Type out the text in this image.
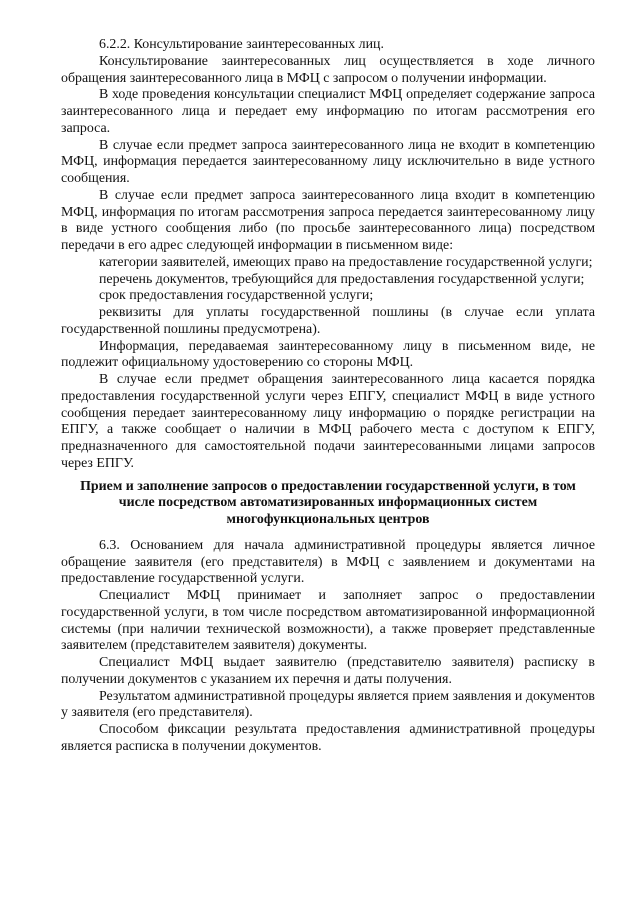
6.2.2. Консультирование заинтересованных лиц.

Консультирование заинтересованных лиц осуществляется в ходе личного обращения заинтересованного лица в МФЦ с запросом о получении информации.

В ходе проведения консультации специалист МФЦ определяет содержание запроса заинтересованного лица и передает ему информацию по итогам рассмотрения его запроса.

В случае если предмет запроса заинтересованного лица не входит в компетенцию МФЦ, информация передается заинтересованному лицу исключительно в виде устного сообщения.

В случае если предмет запроса заинтересованного лица входит в компетенцию МФЦ, информация по итогам рассмотрения запроса передается заинтересованному лицу в виде устного сообщения либо (по просьбе заинтересованного лица) посредством передачи в его адрес следующей информации в письменном виде:

категории заявителей, имеющих право на предоставление государственной услуги;

перечень документов, требующийся для предоставления государственной услуги;

срок предоставления государственной услуги;

реквизиты для уплаты государственной пошлины (в случае если уплата государственной пошлины предусмотрена).

Информация, передаваемая заинтересованному лицу в письменном виде, не подлежит официальному удостоверению со стороны МФЦ.

В случае если предмет обращения заинтересованного лица касается порядка предоставления государственной услуги через ЕПГУ, специалист МФЦ в виде устного сообщения передает заинтересованному лицу информацию о порядке регистрации на ЕПГУ, а также сообщает о наличии в МФЦ рабочего места с доступом к ЕПГУ, предназначенного для самостоятельной подачи заинтересованными лицами запросов через ЕПГУ.

Прием и заполнение запросов о предоставлении государственной услуги, в том числе посредством автоматизированных информационных систем многофункциональных центров

6.3. Основанием для начала административной процедуры является личное обращение заявителя (его представителя) в МФЦ с заявлением и документами на предоставление государственной услуги.

Специалист МФЦ принимает и заполняет запрос о предоставлении государственной услуги, в том числе посредством автоматизированной информационной системы (при наличии технической возможности), а также проверяет представленные заявителем (представителем заявителя) документы.

Специалист МФЦ выдает заявителю (представителю заявителя) расписку в получении документов с указанием их перечня и даты получения.

Результатом административной процедуры является прием заявления и документов у заявителя (его представителя).

Способом фиксации результата предоставления административной процедуры является расписка в получении документов.
